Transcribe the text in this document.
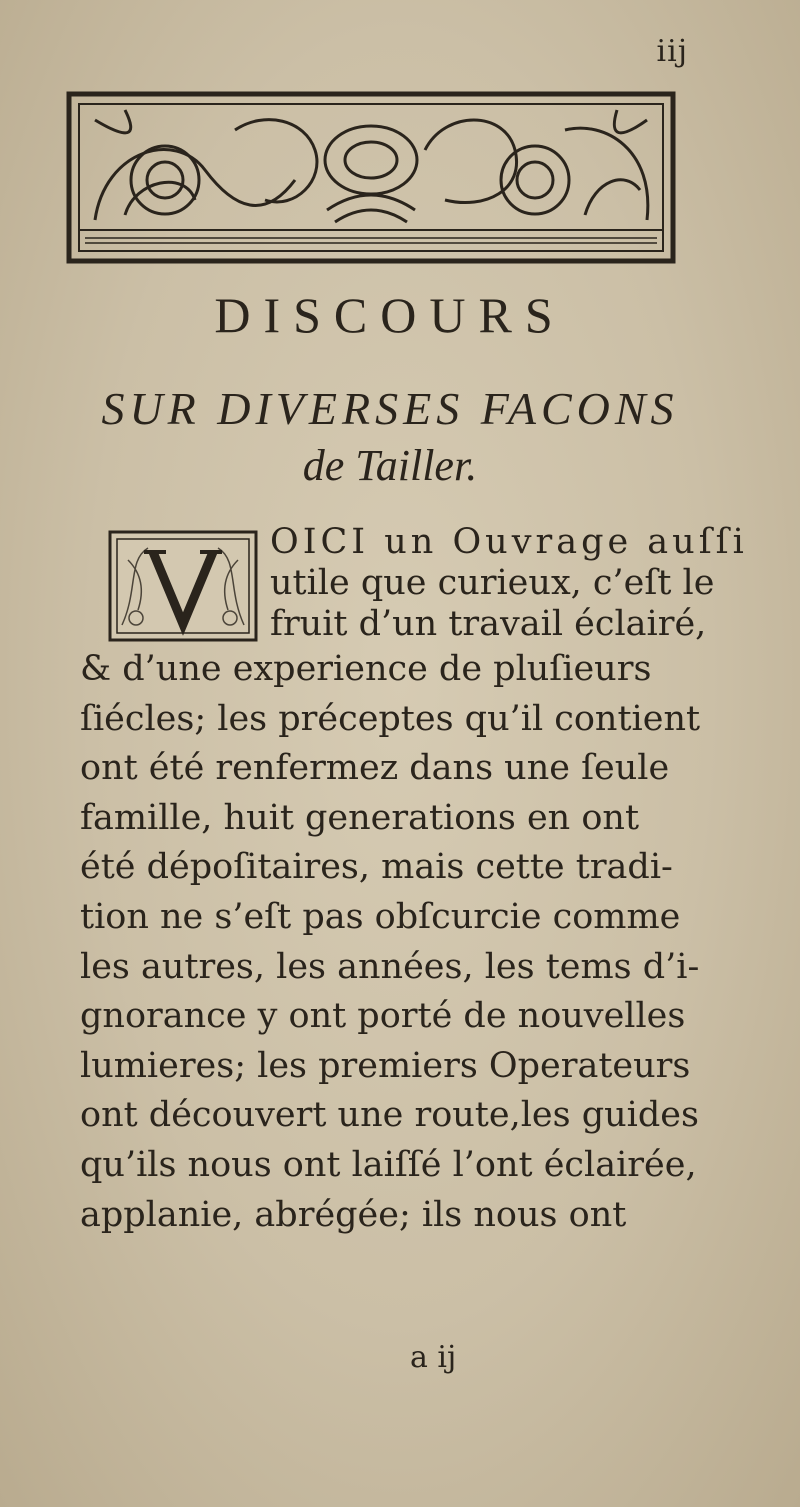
iij
DISCOURS
SUR DIVERSES FACONS
de Tailler.
OICI un Ouvrage auſſi
utile que curieux, c’eſt le
fruit d’un travail éclairé,
& d’une experience de pluſieurs
ſiécles; les préceptes qu’il contient
ont été renfermez dans une ſeule
famille, huit generations en ont
été dépoſitaires, mais cette tradi-
tion ne s’eſt pas obſcurcie comme
les autres, les années, les tems d’i-
gnorance y ont porté de nouvelles
lumieres; les premiers Operateurs
ont découvert une route,les guides
qu’ils nous ont laiſſé l’ont éclairée,
applanie, abrégée; ils nous ont
a ij
